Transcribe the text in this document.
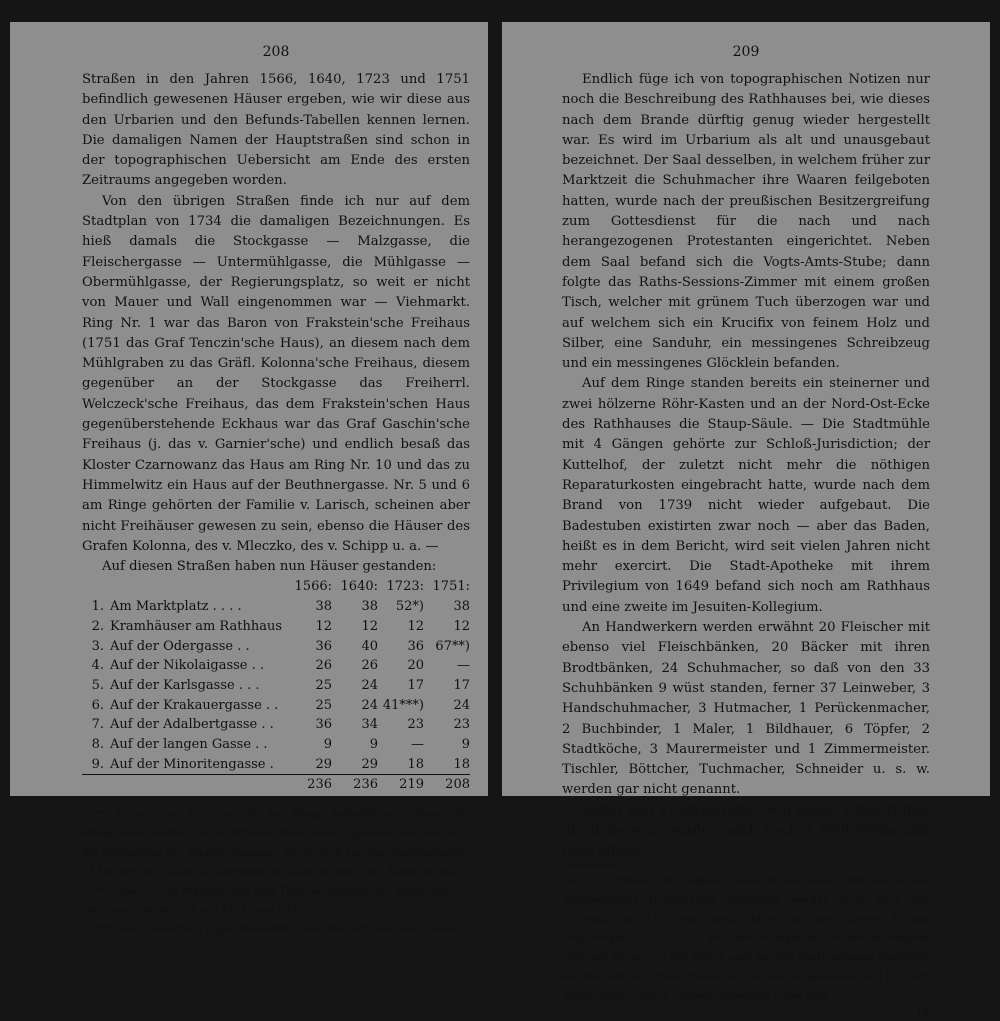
208

Straßen in den Jahren 1566, 1640, 1723 und 1751 befindlich gewesenen Häuser ergeben, wie wir diese aus den Urbarien und den Befunds-Tabellen kennen lernen. Die damaligen Namen der Hauptstraßen sind schon in der topographischen Uebersicht am Ende des ersten Zeitraums angegeben worden.

Von den übrigen Straßen finde ich nur auf dem Stadtplan von 1734 die damaligen Bezeichnungen. Es hieß damals die Stockgasse — Malzgasse, die Fleischergasse — Untermühlgasse, die Mühlgasse — Obermühlgasse, der Regierungsplatz, so weit er nicht von Mauer und Wall eingenommen war — Viehmarkt. Ring Nr. 1 war das Baron von Frakstein'sche Freihaus (1751 das Graf Tenczin'sche Haus), an diesem nach dem Mühlgraben zu das Gräfl. Kolonna'sche Freihaus, diesem gegenüber an der Stockgasse das Freiherrl. Welczeck'sche Freihaus, das dem Frakstein'schen Haus gegenüberstehende Eckhaus war das Graf Gaschin'sche Freihaus (j. das v. Garnier'sche) und endlich besaß das Kloster Czarnowanz das Haus am Ring Nr. 10 und das zu Himmelwitz ein Haus auf der Beuthnergasse. Nr. 5 und 6 am Ringe gehörten der Familie v. Larisch, scheinen aber nicht Freihäuser gewesen zu sein, ebenso die Häuser des Grafen Kolonna, des v. Mleczko, des v. Schipp u. a. —

Auf diesen Straßen haben nun Häuser gestanden:

		1566:	1640:	1723:	1751:
1.	Am Marktplatz . . . .	38	38	52*)	38
2.	Kramhäuser am Rathhaus	12	12	12	12
3.	Auf der Odergasse . .	36	40	36	67**)
4.	Auf der Nikolaigasse . .	26	26	20	—
5.	Auf der Karlsgasse . . .	25	24	17	17
6.	Auf der Krakauergasse . .	25	24	41***)	24
7.	Auf der Adalbertgasse . .	36	34	23	23
8.	Auf der langen Gasse . .	9	9	—	9
9.	Auf der Minoritengasse .	29	29	18	18
		236	236	219	208

*) Es wurden die zunächst am Ringe befindlichen Häuser der anliegenden Straßen bis zur nächsten Quergasse mitgezählt, wie noch jetzt die Reihenfolge der Häuser-Nummern ist. So sind von den Nachbargassen 14 Häuser zum Ringe hinzugezogen, die dann natürlich bei diesen fehlen.

**) Dabei ist die Nikolaistraße oder Tuchmachergasse mit inbegriffen, da sie in dem Verzeichniß von 1751 ganz fehlt.

***) Der Unterschied gegen die andern Jahre läßt sich dadurch erklären,

209

Endlich füge ich von topographischen Notizen nur noch die Beschreibung des Rathhauses bei, wie dieses nach dem Brande dürftig genug wieder hergestellt war. Es wird im Urbarium als alt und unausgebaut bezeichnet. Der Saal desselben, in welchem früher zur Marktzeit die Schuhmacher ihre Waaren feilgeboten hatten, wurde nach der preußischen Besitzergreifung zum Gottesdienst für die nach und nach herangezogenen Protestanten eingerichtet. Neben dem Saal befand sich die Vogts-Amts-Stube; dann folgte das Raths-Sessions-Zimmer mit einem großen Tisch, welcher mit grünem Tuch überzogen war und auf welchem sich ein Krucifix von feinem Holz und Silber, eine Sanduhr, ein messingenes Schreibzeug und ein messingenes Glöcklein befanden.

Auf dem Ringe standen bereits ein steinerner und zwei hölzerne Röhr-Kasten und an der Nord-Ost-Ecke des Rathhauses die Staup-Säule. — Die Stadtmühle mit 4 Gängen gehörte zur Schloß-Jurisdiction; der Kuttelhof, der zuletzt nicht mehr die nöthigen Reparaturkosten eingebracht hatte, wurde nach dem Brand von 1739 nicht wieder aufgebaut. Die Badestuben existirten zwar noch — aber das Baden, heißt es in dem Bericht, wird seit vielen Jahren nicht mehr exercirt. Die Stadt-Apotheke mit ihrem Privilegium von 1649 befand sich noch am Rathhaus und eine zweite im Jesuiten-Kollegium.

An Handwerkern werden erwähnt 20 Fleischer mit ebenso viel Fleischbänken, 20 Bäcker mit ihren Brodtbänken, 24 Schuhmacher, so daß von den 33 Schuhbänken 9 wüst standen, ferner 37 Leinweber, 3 Handschuhmacher, 3 Hutmacher, 1 Perückenmacher, 2 Buchbinder, 1 Maler, 1 Bildhauer, 6 Töpfer, 2 Stadtköche, 3 Maurermeister und 1 Zimmermeister. Tischler, Böttcher, Tuchmacher, Schneider u. s. w. werden gar nicht genannt.

Außer den 4 Jahrmärkten, von denen schon früher die Rede war, wurden auch noch 2 Wollmärkte und nach einem

daß die Häuser der langen Gasse (Rosengasse) und einige der Adalbertstraße (Judengasse) mitgezählt worden sind, denn das Protokoll von 1722 sagt ausdrücklich von den Häusern in der Beuthnergasse von Nr. 22 an: „welche eigentlich in der Rosengasse gerennet werden, in der Fasion aber bei der Beuthnergasse annectiret worden, demnach diese Häuser in einer sehr ungelegenen und in einem Winkel hinter andern Häusern liegenden Gasse sind.“

14
